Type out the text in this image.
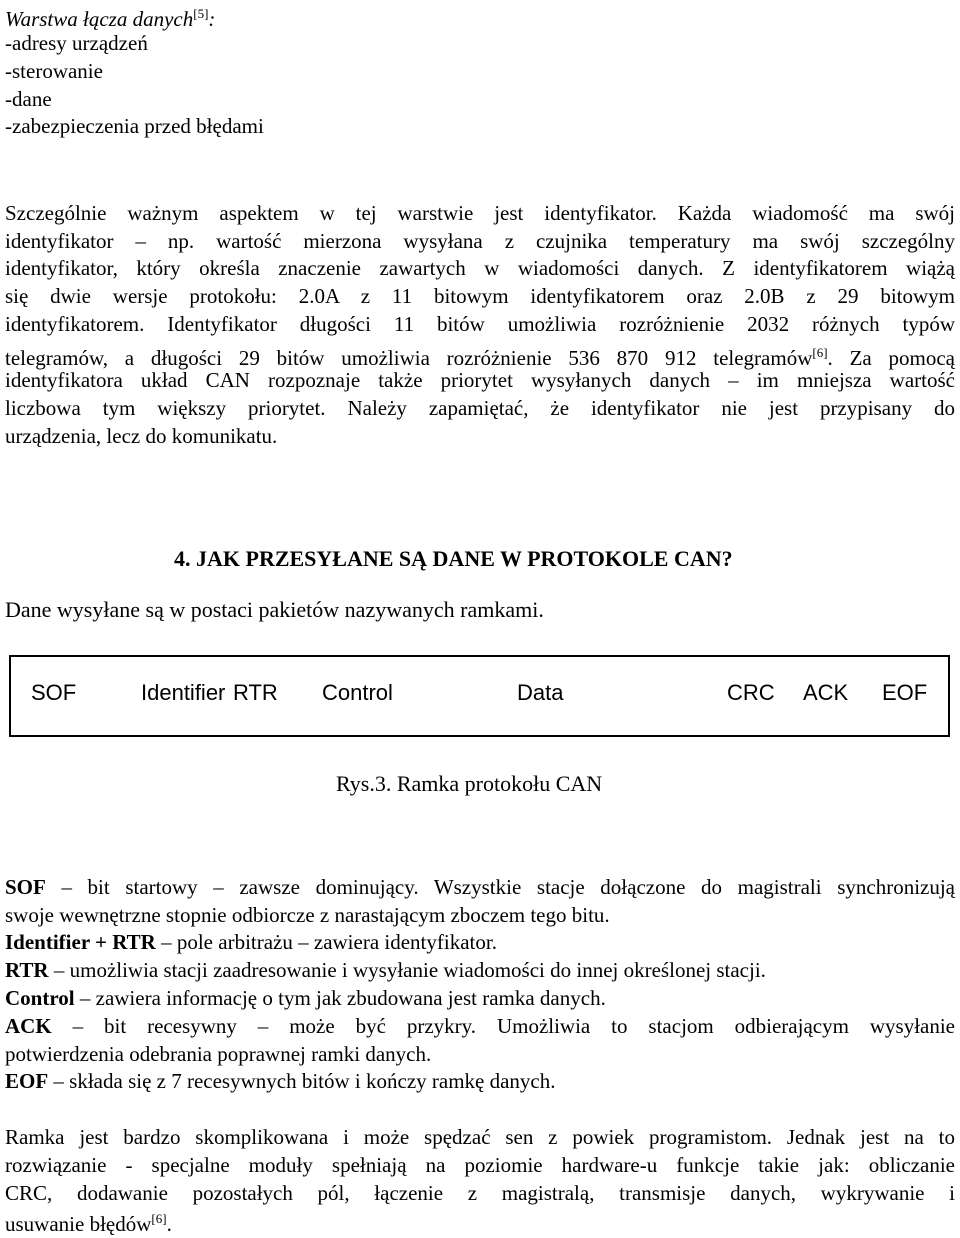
Warstwa łącza danych[5]:
-adresy urządzeń
-sterowanie
-dane
-zabezpieczenia przed błędami
Szczególnie ważnym aspektem w tej warstwie jest identyfikator. Każda wiadomość ma swój
identyfikator – np. wartość mierzona wysyłana z czujnika temperatury ma swój szczególny
identyfikator, który określa znaczenie zawartych w wiadomości danych. Z identyfikatorem wiążą
się dwie wersje protokołu: 2.0A z 11 bitowym identyfikatorem oraz 2.0B z 29 bitowym
identyfikatorem. Identyfikator długości 11 bitów umożliwia rozróżnienie 2032 różnych typów
telegramów, a długości 29 bitów umożliwia rozróżnienie 536 870 912 telegramów[6]. Za pomocą
identyfikatora układ CAN rozpoznaje także priorytet wysyłanych danych – im mniejsza wartość
liczbowa tym większy priorytet. Należy zapamiętać, że identyfikator nie jest przypisany do
urządzenia, lecz do komunikatu.
4. JAK PRZESYŁANE SĄ DANE W PROTOKOLE CAN?
Dane wysyłane są w postaci pakietów nazywanych ramkami.
SOF	Identifier RTR Control	Data	CRC ACK EOF
Rys.3. Ramka protokołu CAN
SOF – bit startowy – zawsze dominujący. Wszystkie stacje dołączone do magistrali synchronizują
swoje wewnętrzne stopnie odbiorcze z narastającym zboczem tego bitu.
Identifier + RTR – pole arbitrażu – zawiera identyfikator.
RTR – umożliwia stacji zaadresowanie i wysyłanie wiadomości do innej określonej stacji.
Control – zawiera informację o tym jak zbudowana jest ramka danych.
ACK – bit recesywny – może być przykry. Umożliwia to stacjom odbierającym wysyłanie
potwierdzenia odebrania poprawnej ramki danych.
EOF – składa się z 7 recesywnych bitów i kończy ramkę danych.
Ramka jest bardzo skomplikowana i może spędzać sen z powiek programistom. Jednak jest na to
rozwiązanie - specjalne moduły spełniają na poziomie hardware-u funkcje takie jak: obliczanie
CRC, dodawanie pozostałych pól, łączenie z magistralą, transmisje danych, wykrywanie i
usuwanie błędów[6].
